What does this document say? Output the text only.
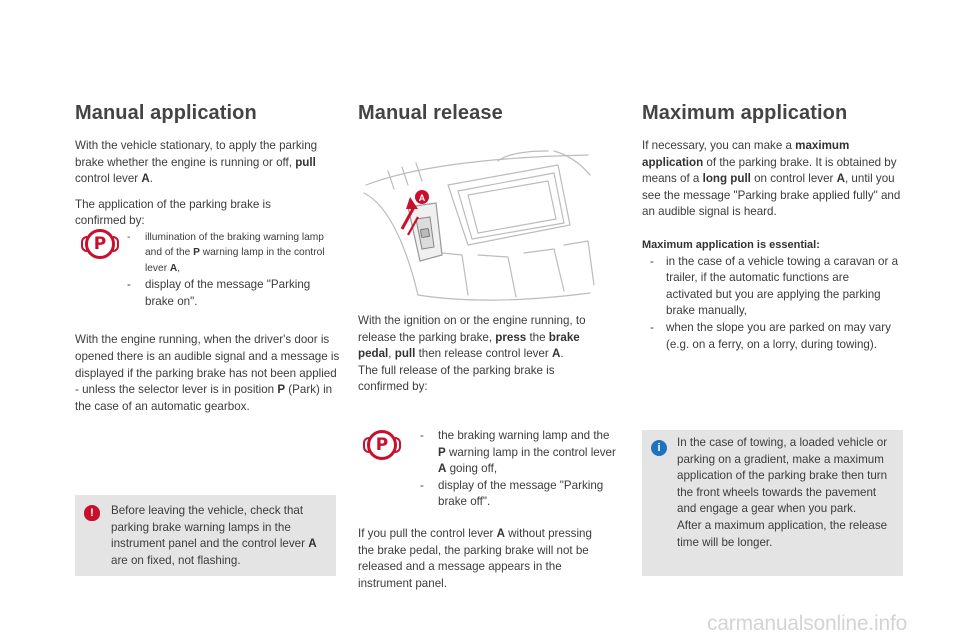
Manual application

With the vehicle stationary, to apply the parking brake whether the engine is running or off, pull control lever A.

The application of the parking brake is confirmed by:

- illumination of the braking warning lamp and of the P warning lamp in the control lever A,
- display of the message "Parking brake on".

With the engine running, when the driver's door is opened there is an audible signal and a message is displayed if the parking brake has not been applied - unless the selector lever is in position P (Park) in the case of an automatic gearbox.

P
!	Before leaving the vehicle, check that parking brake warning lamps in the instrument panel and the control lever A are on fixed, not flashing.
Manual release
A

With the ignition on or the engine running, to release the parking brake, press the brake pedal, pull then release control lever A.

The full release of the parking brake is confirmed by:

- the braking warning lamp and the P warning lamp in the control lever A going off,
- display of the message "Parking brake off".

If you pull the control lever A without pressing the brake pedal, the parking brake will not be released and a message appears in the instrument panel.

P
Maximum application

If necessary, you can make a maximum application of the parking brake. It is obtained by means of a long pull on control lever A, until you see the message "Parking brake applied fully" and an audible signal is heard.

Maximum application is essential:

- in the case of a vehicle towing a caravan or a trailer, if the automatic functions are activated but you are applying the parking brake manually,
- when the slope you are parked on may vary (e.g. on a ferry, on a lorry, during towing).
i	In the case of towing, a loaded vehicle or parking on a gradient, make a maximum application of the parking brake then turn the front wheels towards the pavement and engage a gear when you park.
After a maximum application, the release time will be longer.
carmanualsonline.info
